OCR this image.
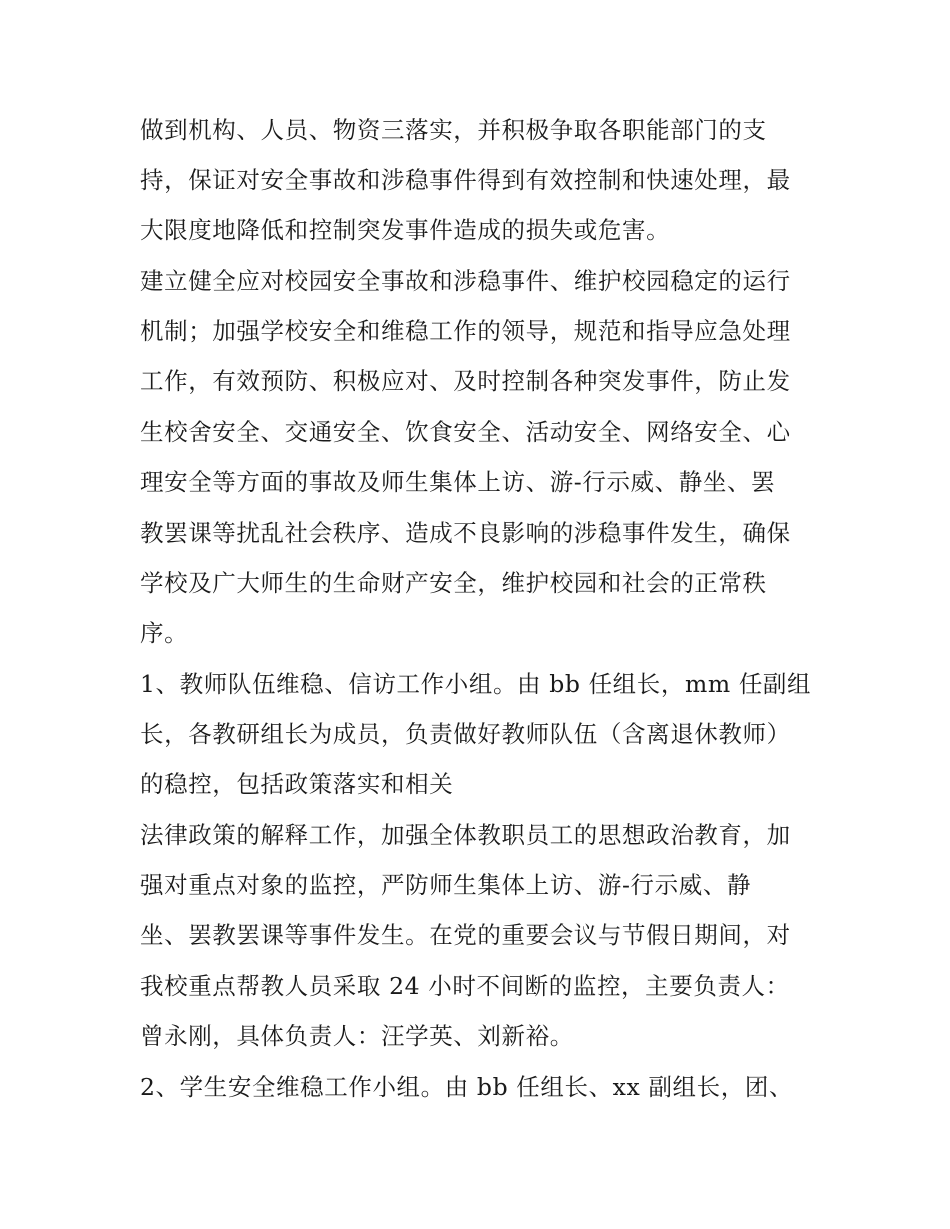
做到机构、人员、物资三落实，并积极争取各职能部门的支
持，保证对安全事故和涉稳事件得到有效控制和快速处理，最
大限度地降低和控制突发事件造成的损失或危害。
建立健全应对校园安全事故和涉稳事件、维护校园稳定的运行
机制；加强学校安全和维稳工作的领导，规范和指导应急处理
工作，有效预防、积极应对、及时控制各种突发事件，防止发
生校舍安全、交通安全、饮食安全、活动安全、网络安全、心
理安全等方面的事故及师生集体上访、游-行示威、静坐、罢
教罢课等扰乱社会秩序、造成不良影响的涉稳事件发生，确保
学校及广大师生的生命财产安全，维护校园和社会的正常秩
序。
1、教师队伍维稳、信访工作小组。由 bb 任组长，mm 任副组
长，各教研组长为成员，负责做好教师队伍（含离退休教师）
的稳控，包括政策落实和相关
法律政策的解释工作，加强全体教职员工的思想政治教育，加
强对重点对象的监控，严防师生集体上访、游-行示威、静
坐、罢教罢课等事件发生。在党的重要会议与节假日期间，对
我校重点帮教人员采取 24 小时不间断的监控，主要负责人：
曾永刚，具体负责人：汪学英、刘新裕。
2、学生安全维稳工作小组。由 bb 任组长、xx 副组长，团、
